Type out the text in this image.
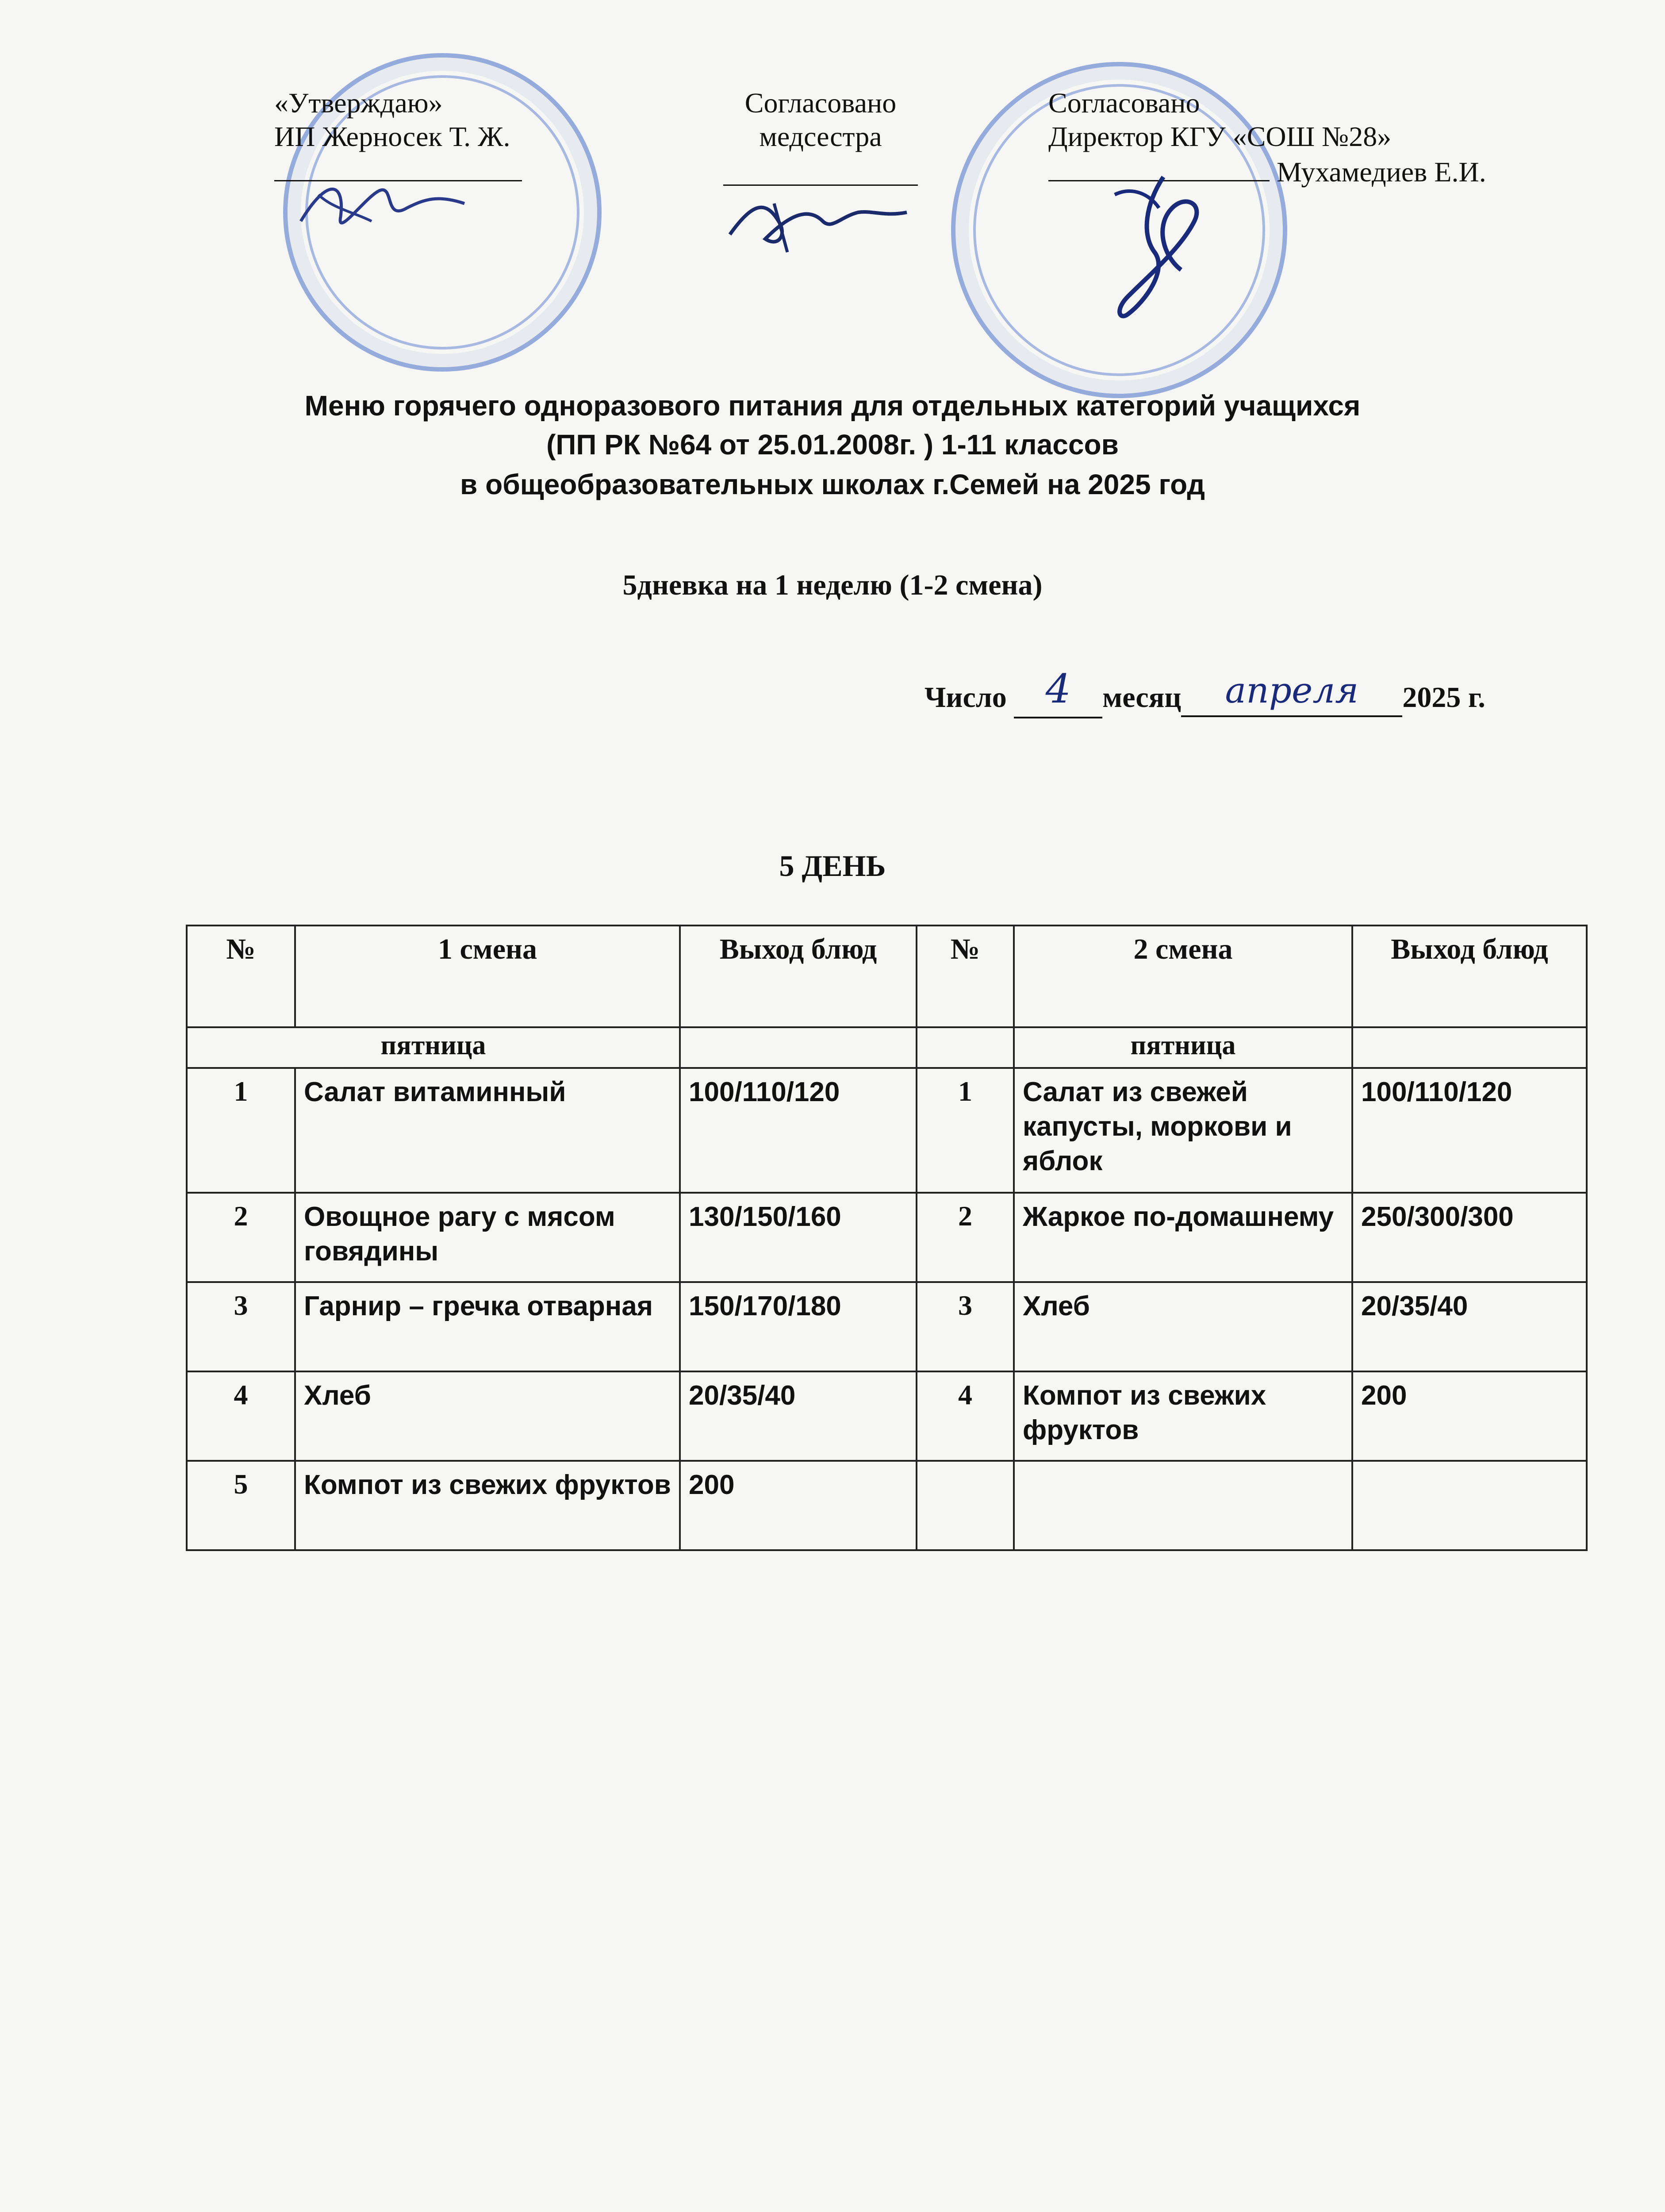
«Утверждаю»
ИП Жерносек Т. Ж.
Согласовано
медсестра
Согласовано
Директор КГУ «СОШ №28»
Мухамедиев Е.И.
Меню горячего одноразового питания для отдельных категорий учащихся
(ПП РК №64 от 25.01.2008г. ) 1-11 классов
в общеобразовательных школах г.Семей на 2025 год
5дневка на 1 неделю (1-2 смена)
Число 4 месяц апреля 2025 г.
5 ДЕНЬ
№	1 смена	Выход блюд	№	2 смена	Выход блюд
пятница				пятница	
1	Салат витаминный	100/110/120	1	Салат из свежей капусты, моркови и яблок	100/110/120
2	Овощное рагу с мясом говядины	130/150/160	2	Жаркое по-домашнему	250/300/300
3	Гарнир – гречка отварная	150/170/180	3	Хлеб	20/35/40
4	Хлеб	20/35/40	4	Компот из свежих фруктов	200
5	Компот из свежих фруктов	200			
